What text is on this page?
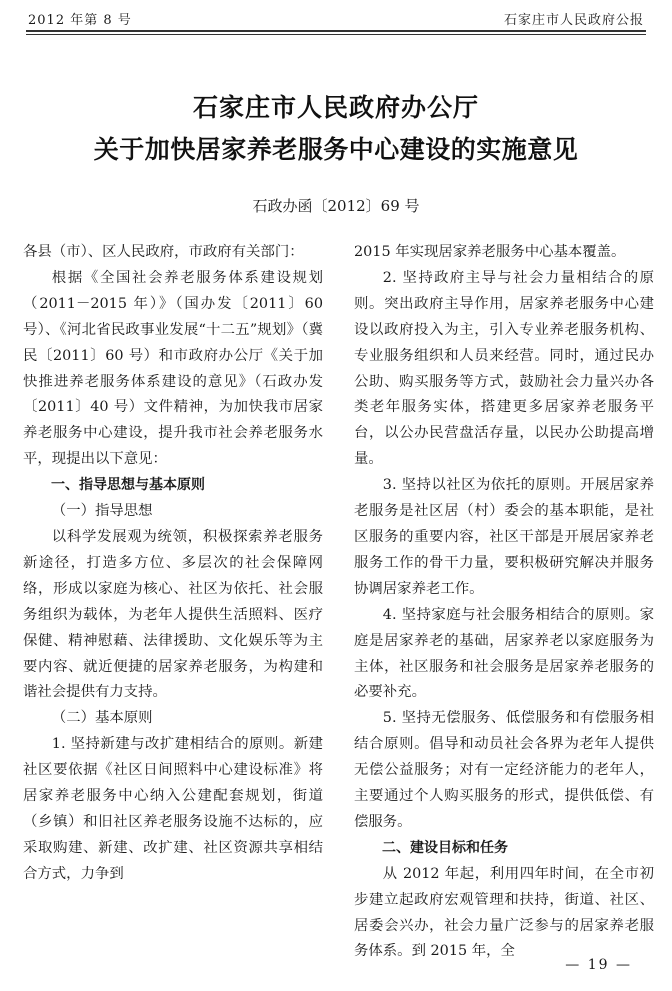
2012 年第 8 号	石家庄市人民政府公报
石家庄市人民政府办公厅
关于加快居家养老服务中心建设的实施意见
石政办函〔2012〕69 号

各县（市）、区人民政府，市政府有关部门：

根据《全国社会养老服务体系建设规划（2011－2015 年）》（国办发〔2011〕60 号）、《河北省民政事业发展“十二五”规划》（冀民〔2011〕60 号）和市政府办公厅《关于加快推进养老服务体系建设的意见》（石政办发〔2011〕40 号）文件精神，为加快我市居家养老服务中心建设，提升我市社会养老服务水平，现提出以下意见：

一、指导思想与基本原则

（一）指导思想

以科学发展观为统领，积极探索养老服务新途径，打造多方位、多层次的社会保障网络，形成以家庭为核心、社区为依托、社会服务组织为载体，为老年人提供生活照料、医疗保健、精神慰藉、法律援助、文化娱乐等为主要内容、就近便捷的居家养老服务，为构建和谐社会提供有力支持。

（二）基本原则

1. 坚持新建与改扩建相结合的原则。新建社区要依据《社区日间照料中心建设标准》将居家养老服务中心纳入公建配套规划，街道（乡镇）和旧社区养老服务设施不达标的，应采取购建、新建、改扩建、社区资源共享相结合方式，力争到

2015 年实现居家养老服务中心基本覆盖。

2. 坚持政府主导与社会力量相结合的原则。突出政府主导作用，居家养老服务中心建设以政府投入为主，引入专业养老服务机构、专业服务组织和人员来经营。同时，通过民办公助、购买服务等方式，鼓励社会力量兴办各类老年服务实体，搭建更多居家养老服务平台，以公办民营盘活存量，以民办公助提高增量。

3. 坚持以社区为依托的原则。开展居家养老服务是社区居（村）委会的基本职能，是社区服务的重要内容，社区干部是开展居家养老服务工作的骨干力量，要积极研究解决并服务协调居家养老工作。

4. 坚持家庭与社会服务相结合的原则。家庭是居家养老的基础，居家养老以家庭服务为主体，社区服务和社会服务是居家养老服务的必要补充。

5. 坚持无偿服务、低偿服务和有偿服务相结合原则。倡导和动员社会各界为老年人提供无偿公益服务；对有一定经济能力的老年人，主要通过个人购买服务的形式，提供低偿、有偿服务。

二、建设目标和任务

从 2012 年起，利用四年时间，在全市初步建立起政府宏观管理和扶持，街道、社区、居委会兴办，社会力量广泛参与的居家养老服务体系。到 2015 年，全

— 19 —
